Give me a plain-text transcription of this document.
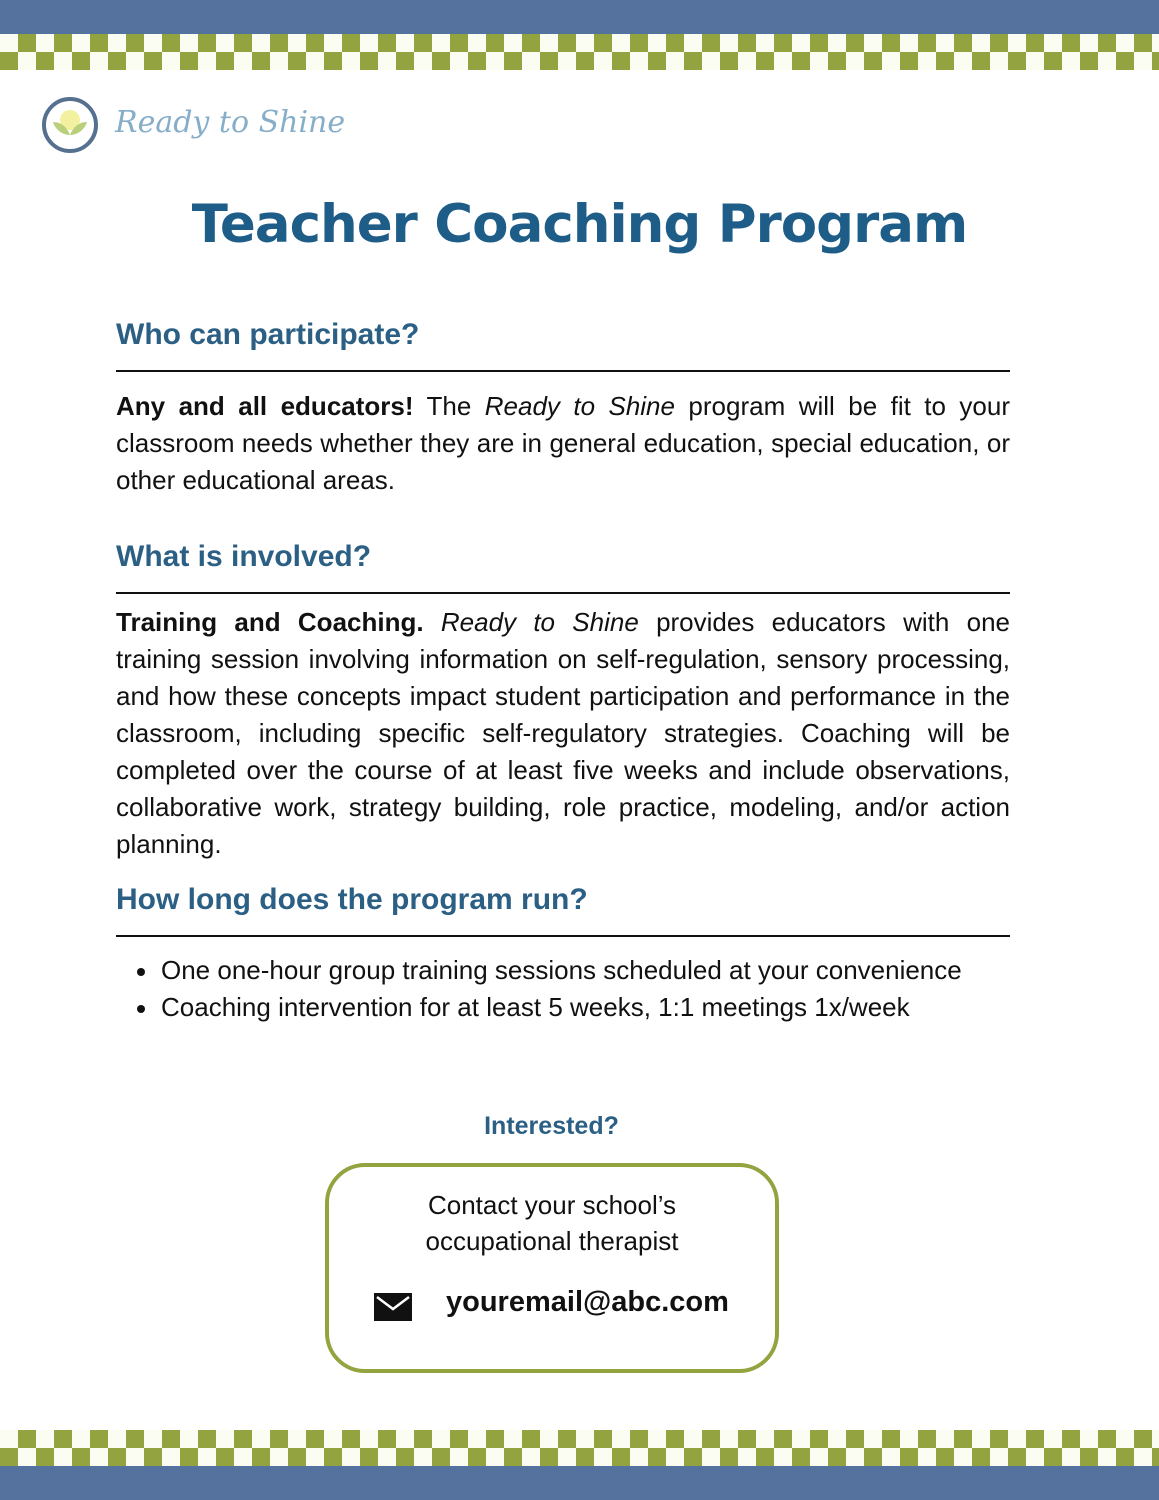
Ready to Shine
Teacher Coaching Program
Who can participate?
Any and all educators! The Ready to Shine program will be fit to your classroom needs whether they are in general education, special education, or other educational areas.
What is involved?
Training and Coaching. Ready to Shine provides educators with one training session involving information on self-regulation, sensory processing, and how these concepts impact student participation and performance in the classroom, including specific self-regulatory strategies. Coaching will be completed over the course of at least five weeks and include observations, collaborative work, strategy building, role practice, modeling, and/or action planning.
How long does the program run?
One one-hour group training sessions scheduled at your convenience
Coaching intervention for at least 5 weeks, 1:1 meetings 1x/week
Interested?
Contact your school’s
occupational therapist
youremail@abc.com
